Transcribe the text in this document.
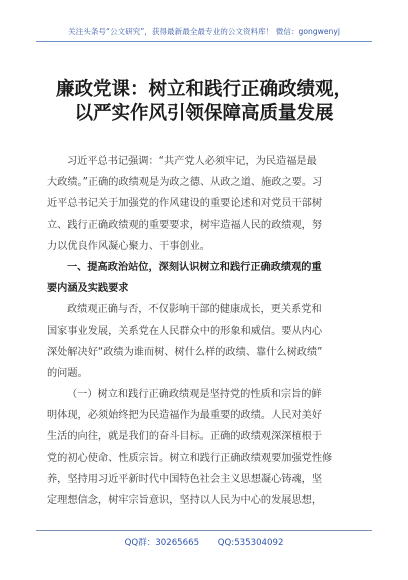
关注头条号“公文研究”，获得最新最全最专业的公文资料库！ 微信：gongwenyj
廉政党课：树立和践行正确政绩观，
以严实作风引领保障高质量发展
习近平总书记强调：“共产党人必须牢记，为民造福是最
大政绩。”正确的政绩观是为政之德、从政之道、施政之要。习
近平总书记关于加强党的作风建设的重要论述和对党员干部树
立、践行正确政绩观的重要要求，树牢造福人民的政绩观，努
力以优良作风凝心聚力、干事创业。
一、提高政治站位，深刻认识树立和践行正确政绩观的重
要内涵及实践要求
政绩观正确与否，不仅影响干部的健康成长，更关系党和
国家事业发展，关系党在人民群众中的形象和威信。要从内心
深处解决好“政绩为谁而树、树什么样的政绩、靠什么树政绩”
的问题。
（一）树立和践行正确政绩观是坚持党的性质和宗旨的鲜
明体现，必须始终把为民造福作为最重要的政绩。人民对美好
生活的向往，就是我们的奋斗目标。正确的政绩观深深植根于
党的初心使命、性质宗旨。树立和践行正确政绩观要加强党性修
养，坚持用习近平新时代中国特色社会主义思想凝心铸魂，坚
定理想信念，树牢宗旨意识，坚持以人民为中心的发展思想，
QQ群：30265665 QQ:535304092
